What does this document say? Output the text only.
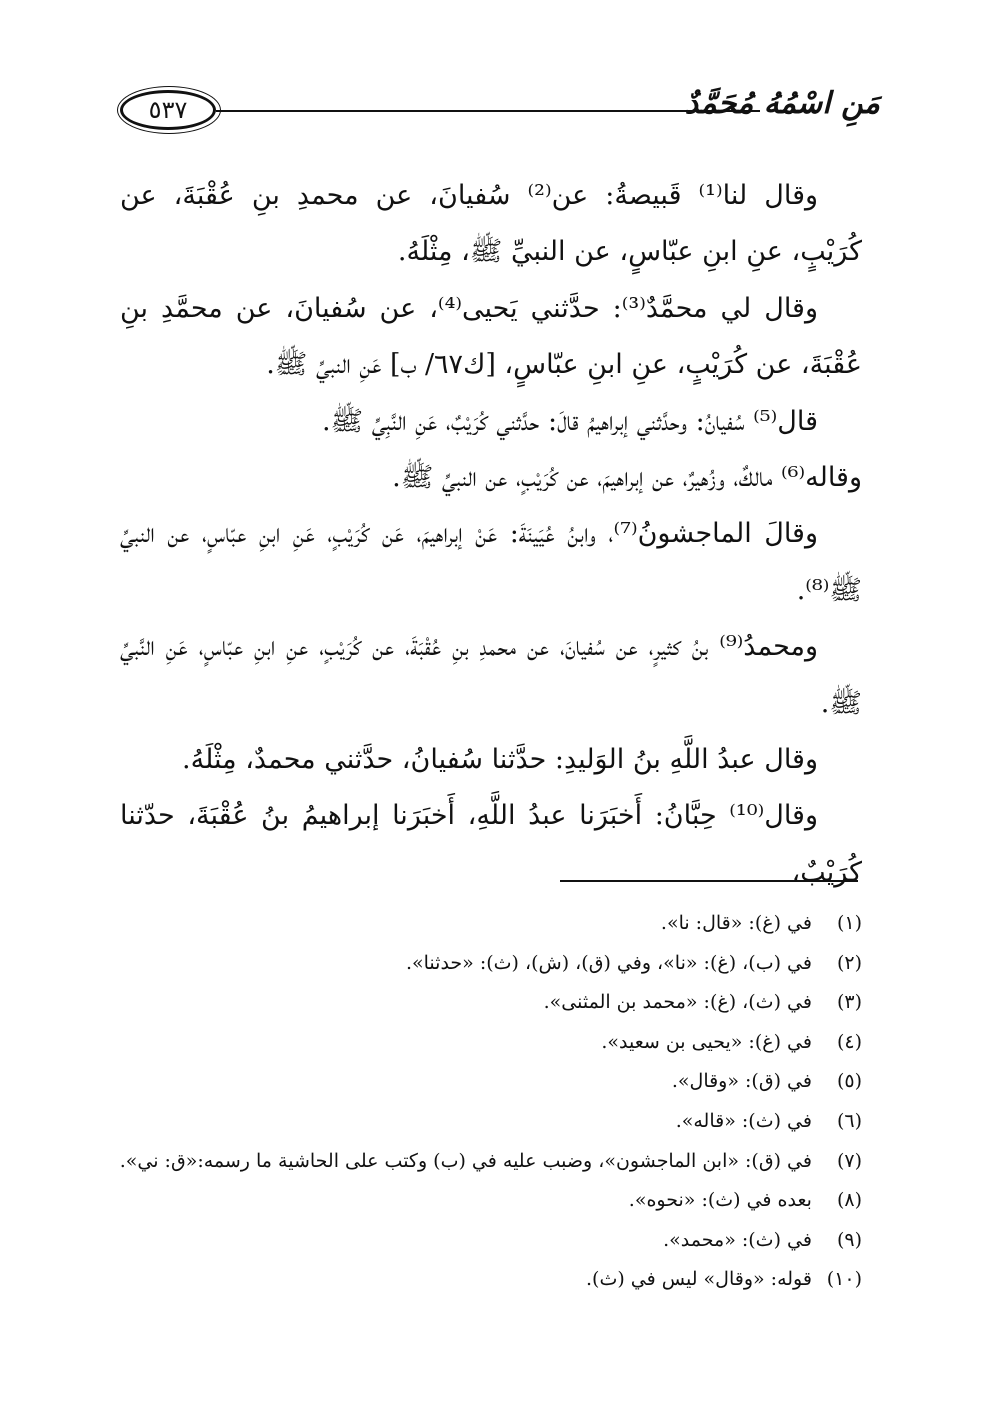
٥٣٧	مَنِ اسْمُهُ مُحَمَّدٌ

وقال لنا⁽¹⁾ قَبيصةُ: عن⁽²⁾ سُفيانَ، عن محمدِ بنِ عُقْبَةَ، عن كُرَيْبٍ، عنِ ابنِ عبّاسٍ، عن النبيِّ ﷺ، مِثْلَهُ.

وقال لي محمَّدٌ⁽³⁾: حدَّثني يَحيى⁽⁴⁾، عن سُفيانَ، عن محمَّدِ بنِ عُقْبَةَ، عن كُرَيْبٍ، عنِ ابنِ عبّاسٍ، [ك٦٧/ ب] عَنِ النبيِّ ﷺ.

قال⁽⁵⁾ سُفيانُ: وحدَّثني إبراهيمُ قالَ: حدَّثني كُرَيْبٌ، عَنِ النَّبِيِّ ﷺ.

وقاله⁽⁶⁾ مالكٌ، وزُهيرٌ، عن إبراهيمَ، عن كُرَيْبٍ، عن النبيِّ ﷺ.

وقالَ الماجشونُ⁽⁷⁾، وابنُ عُيَينَةَ: عَنْ إبراهيمَ، عَن كُرَيْبٍ، عَنِ ابنِ عبّاسٍ، عن النبيِّ ﷺ⁽⁸⁾.

ومحمدُ⁽⁹⁾ بنُ كثيرٍ، عن سُفيانَ، عن محمدِ بنِ عُقْبَةَ، عن كُرَيْبٍ، عنِ ابنِ عبّاسٍ، عَنِ النَّبيِّ ﷺ.

وقال عبدُ اللَّهِ بنُ الوَليدِ: حدَّثنا سُفيانُ، حدَّثني محمدٌ، مِثْلَهُ.

وقال⁽¹⁰⁾ حِبَّانُ: أَخبَرَنا عبدُ اللَّهِ، أَخبَرَنا إبراهيمُ بنُ عُقْبَةَ، حدّثنا كُرَيْبٌ،

(١) في (غ): «قال: نا».

(٢) في (ب)، (غ): «نا»، وفي (ق)، (ش)، (ث): «حدثنا».

(٣) في (ث)، (غ): «محمد بن المثنى».

(٤) في (غ): «يحيى بن سعيد».

(٥) في (ق): «وقال».

(٦) في (ث): «قاله».

(٧) في (ق): «ابن الماجشون»، وضبب عليه في (ب) وكتب على الحاشية ما رسمه:«ق: ني».

(٨) بعده في (ث): «نحوه».

(٩) في (ث): «محمد».

(١٠) قوله: «وقال» ليس في (ث).
